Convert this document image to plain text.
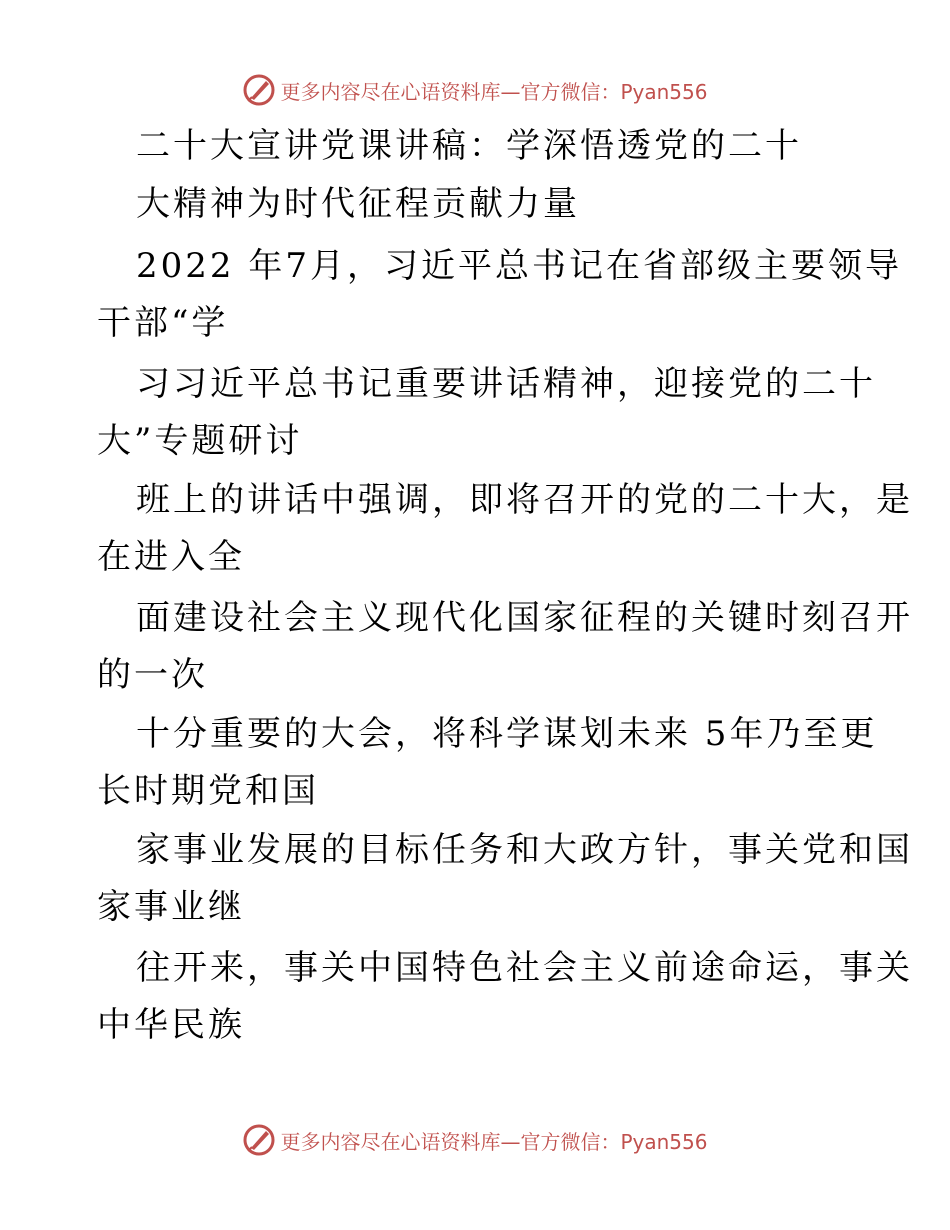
更多内容尽在心语资料库—官方微信：Pyan556
二十大宣讲党课讲稿：学深悟透党的二十
大精神为时代征程贡献力量
2022 年7月，习近平总书记在省部级主要领导
干部“学
习习近平总书记重要讲话精神，迎接党的二十
大”专题研讨
班上的讲话中强调，即将召开的党的二十大，是
在进入全
面建设社会主义现代化国家征程的关键时刻召开
的一次
十分重要的大会，将科学谋划未来 5年乃至更
长时期党和国
家事业发展的目标任务和大政方针，事关党和国
家事业继
往开来，事关中国特色社会主义前途命运，事关
中华民族
更多内容尽在心语资料库—官方微信：Pyan556
